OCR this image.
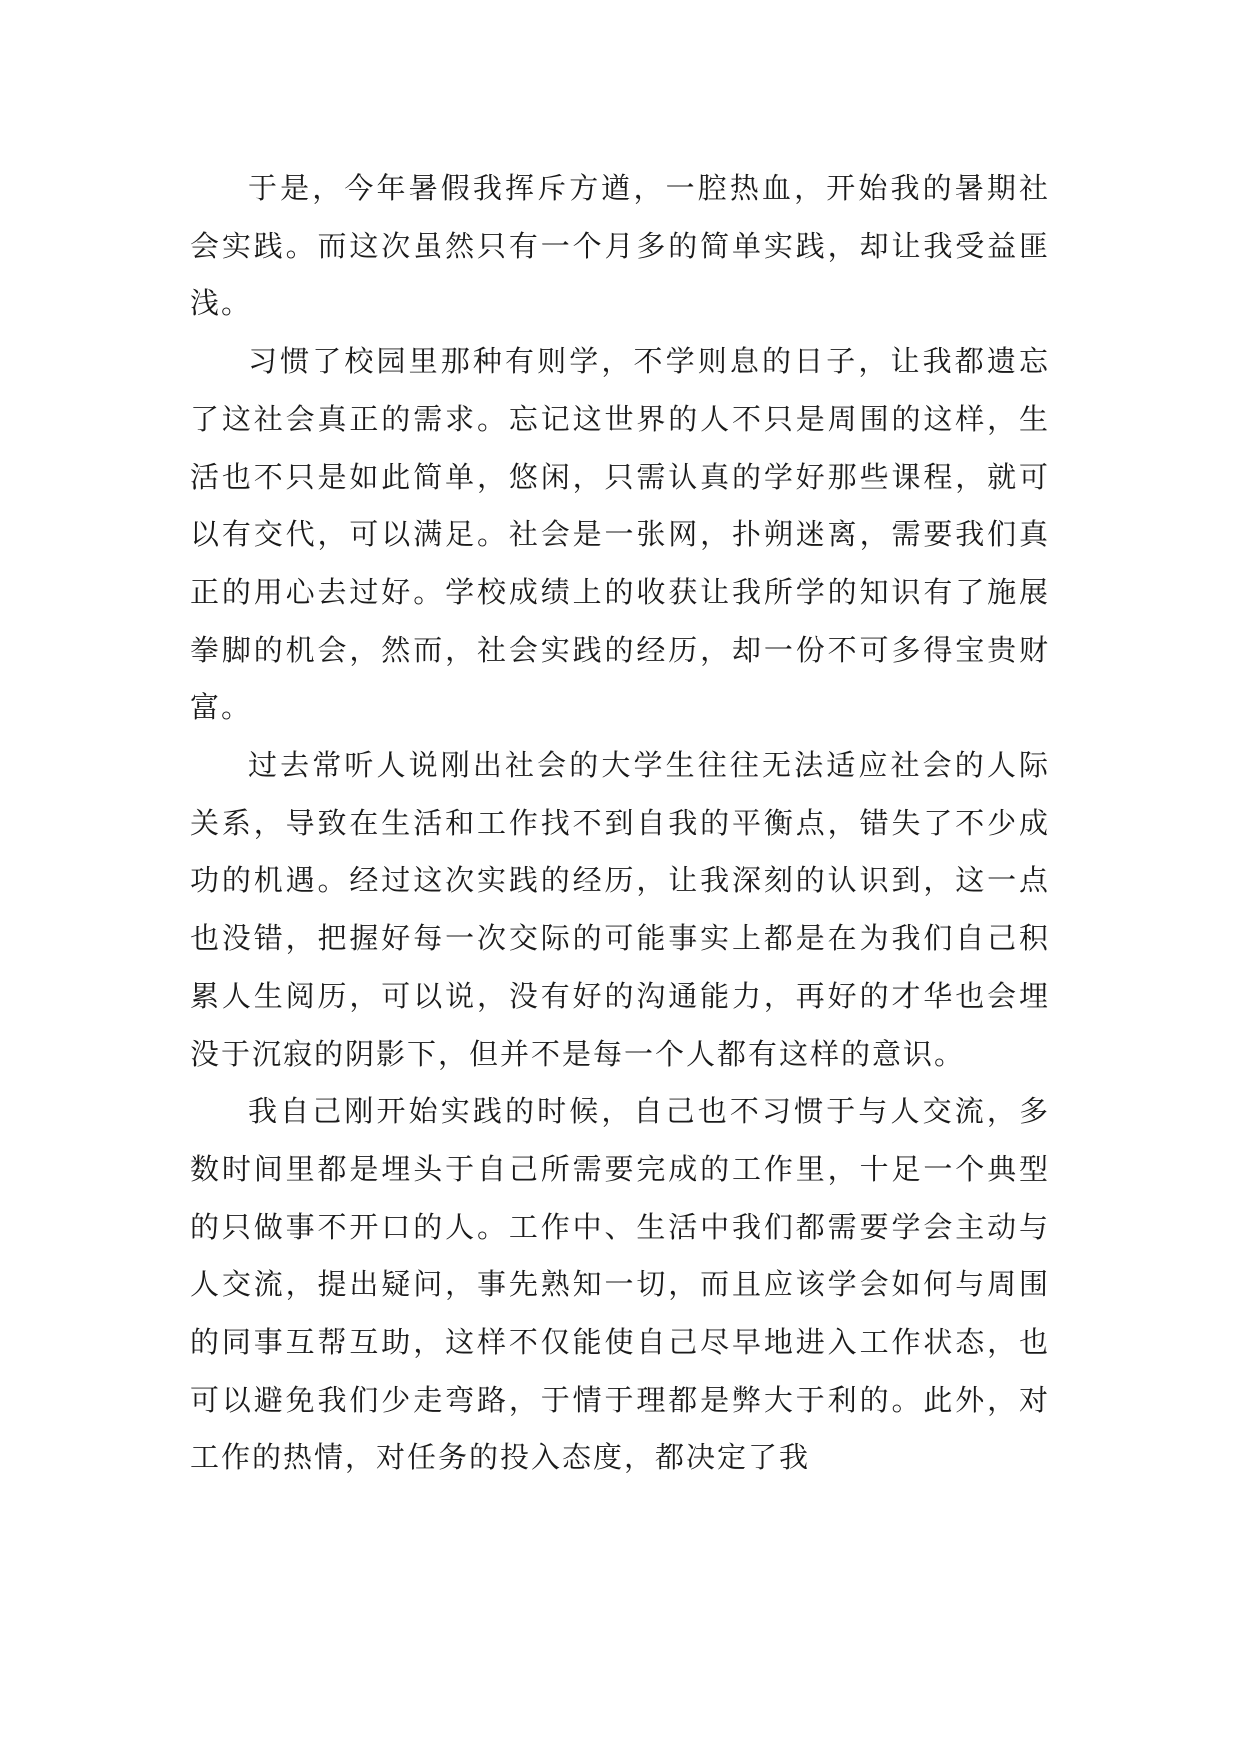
于是，今年暑假我挥斥方遒，一腔热血，开始我的暑期社会实践。而这次虽然只有一个月多的简单实践，却让我受益匪浅。

习惯了校园里那种有则学，不学则息的日子，让我都遗忘了这社会真正的需求。忘记这世界的人不只是周围的这样，生活也不只是如此简单，悠闲，只需认真的学好那些课程，就可以有交代，可以满足。社会是一张网，扑朔迷离，需要我们真正的用心去过好。学校成绩上的收获让我所学的知识有了施展拳脚的机会，然而，社会实践的经历，却一份不可多得宝贵财富。

过去常听人说刚出社会的大学生往往无法适应社会的人际关系，导致在生活和工作找不到自我的平衡点，错失了不少成功的机遇。经过这次实践的经历，让我深刻的认识到，这一点也没错，把握好每一次交际的可能事实上都是在为我们自己积累人生阅历，可以说，没有好的沟通能力，再好的才华也会埋没于沉寂的阴影下，但并不是每一个人都有这样的意识。

我自己刚开始实践的时候，自己也不习惯于与人交流，多数时间里都是埋头于自己所需要完成的工作里，十足一个典型的只做事不开口的人。工作中、生活中我们都需要学会主动与人交流，提出疑问，事先熟知一切，而且应该学会如何与周围的同事互帮互助，这样不仅能使自己尽早地进入工作状态，也可以避免我们少走弯路，于情于理都是弊大于利的。此外，对工作的热情，对任务的投入态度，都决定了我
